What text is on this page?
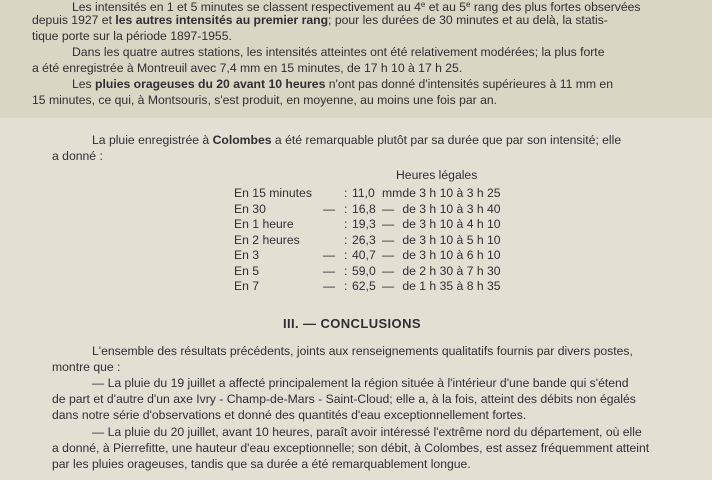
Les intensités en 1 et 5 minutes se classent respectivement au 4e et au 5e rang des plus fortes observées

depuis 1927 et les autres intensités au premier rang; pour les durées de 30 minutes et au delà, la statis-

tique porte sur la période 1897-1955.

Dans les quatre autres stations, les intensités atteintes ont été relativement modérées; la plus forte

a été enregistrée à Montreuil avec 7,4 mm en 15 minutes, de 17 h 10 à 17 h 25.

Les pluies orageuses du 20 avant 10 heures n'ont pas donné d'intensités supérieures à 11 mm en

15 minutes, ce qui, à Montsouris, s'est produit, en moyenne, au moins une fois par an.

La pluie enregistrée à Colombes a été remarquable plutôt par sa durée que par son intensité; elle

a donné :

Heures légales

En 15 minutes		:	11,0	mm	de 3 h 10 à 3 h 25
En 30	—	:	16,8	—	de 3 h 10 à 3 h 40
En 1 heure		:	19,3	—	de 3 h 10 à 4 h 10
En 2 heures		:	26,3	—	de 3 h 10 à 5 h 10
En 3	—	:	40,7	—	de 3 h 10 à 6 h 10
En 5	—	:	59,0	—	de 2 h 30 à 7 h 30
En 7	—	:	62,5	—	de 1 h 35 à 8 h 35

III. — CONCLUSIONS

L'ensemble des résultats précédents, joints aux renseignements qualitatifs fournis par divers postes,

montre que :

— La pluie du 19 juillet a affecté principalement la région située à l'intérieur d'une bande qui s'étend

de part et d'autre d'un axe Ivry - Champ-de-Mars - Saint-Cloud; elle a, à la fois, atteint des débits non égalés

dans notre série d'observations et donné des quantités d'eau exceptionnellement fortes.

— La pluie du 20 juillet, avant 10 heures, paraît avoir intéressé l'extrême nord du département, où elle

a donné, à Pierrefitte, une hauteur d'eau exceptionnelle; son débit, à Colombes, est assez fréquemment atteint

par les pluies orageuses, tandis que sa durée a été remarquablement longue.
